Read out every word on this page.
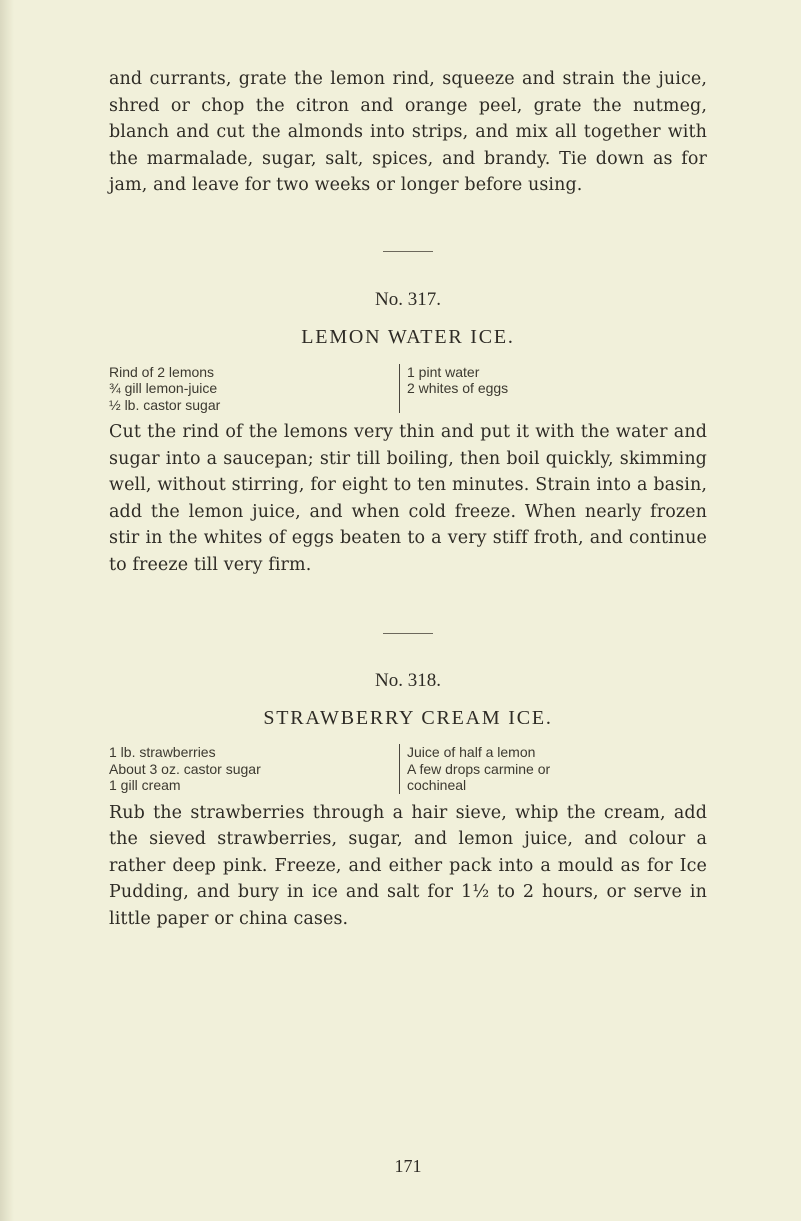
and currants, grate the lemon rind, squeeze and strain the juice, shred or chop the citron and orange peel, grate the nutmeg, blanch and cut the almonds into strips, and mix all together with the marmalade, sugar, salt, spices, and brandy. Tie down as for jam, and leave for two weeks or longer before using.

No. 317.

LEMON WATER ICE.

Rind of 2 lemons
¾ gill lemon-juice
½ lb. castor sugar
1 pint water
2 whites of eggs

Cut the rind of the lemons very thin and put it with the water and sugar into a saucepan; stir till boiling, then boil quickly, skimming well, without stirring, for eight to ten minutes. Strain into a basin, add the lemon juice, and when cold freeze. When nearly frozen stir in the whites of eggs beaten to a very stiff froth, and continue to freeze till very firm.

No. 318.

STRAWBERRY CREAM ICE.

1 lb. strawberries
About 3 oz. castor sugar
1 gill cream
Juice of half a lemon
A few drops carmine or
cochineal

Rub the strawberries through a hair sieve, whip the cream, add the sieved strawberries, sugar, and lemon juice, and colour a rather deep pink. Freeze, and either pack into a mould as for Ice Pudding, and bury in ice and salt for 1½ to 2 hours, or serve in little paper or china cases.

171
